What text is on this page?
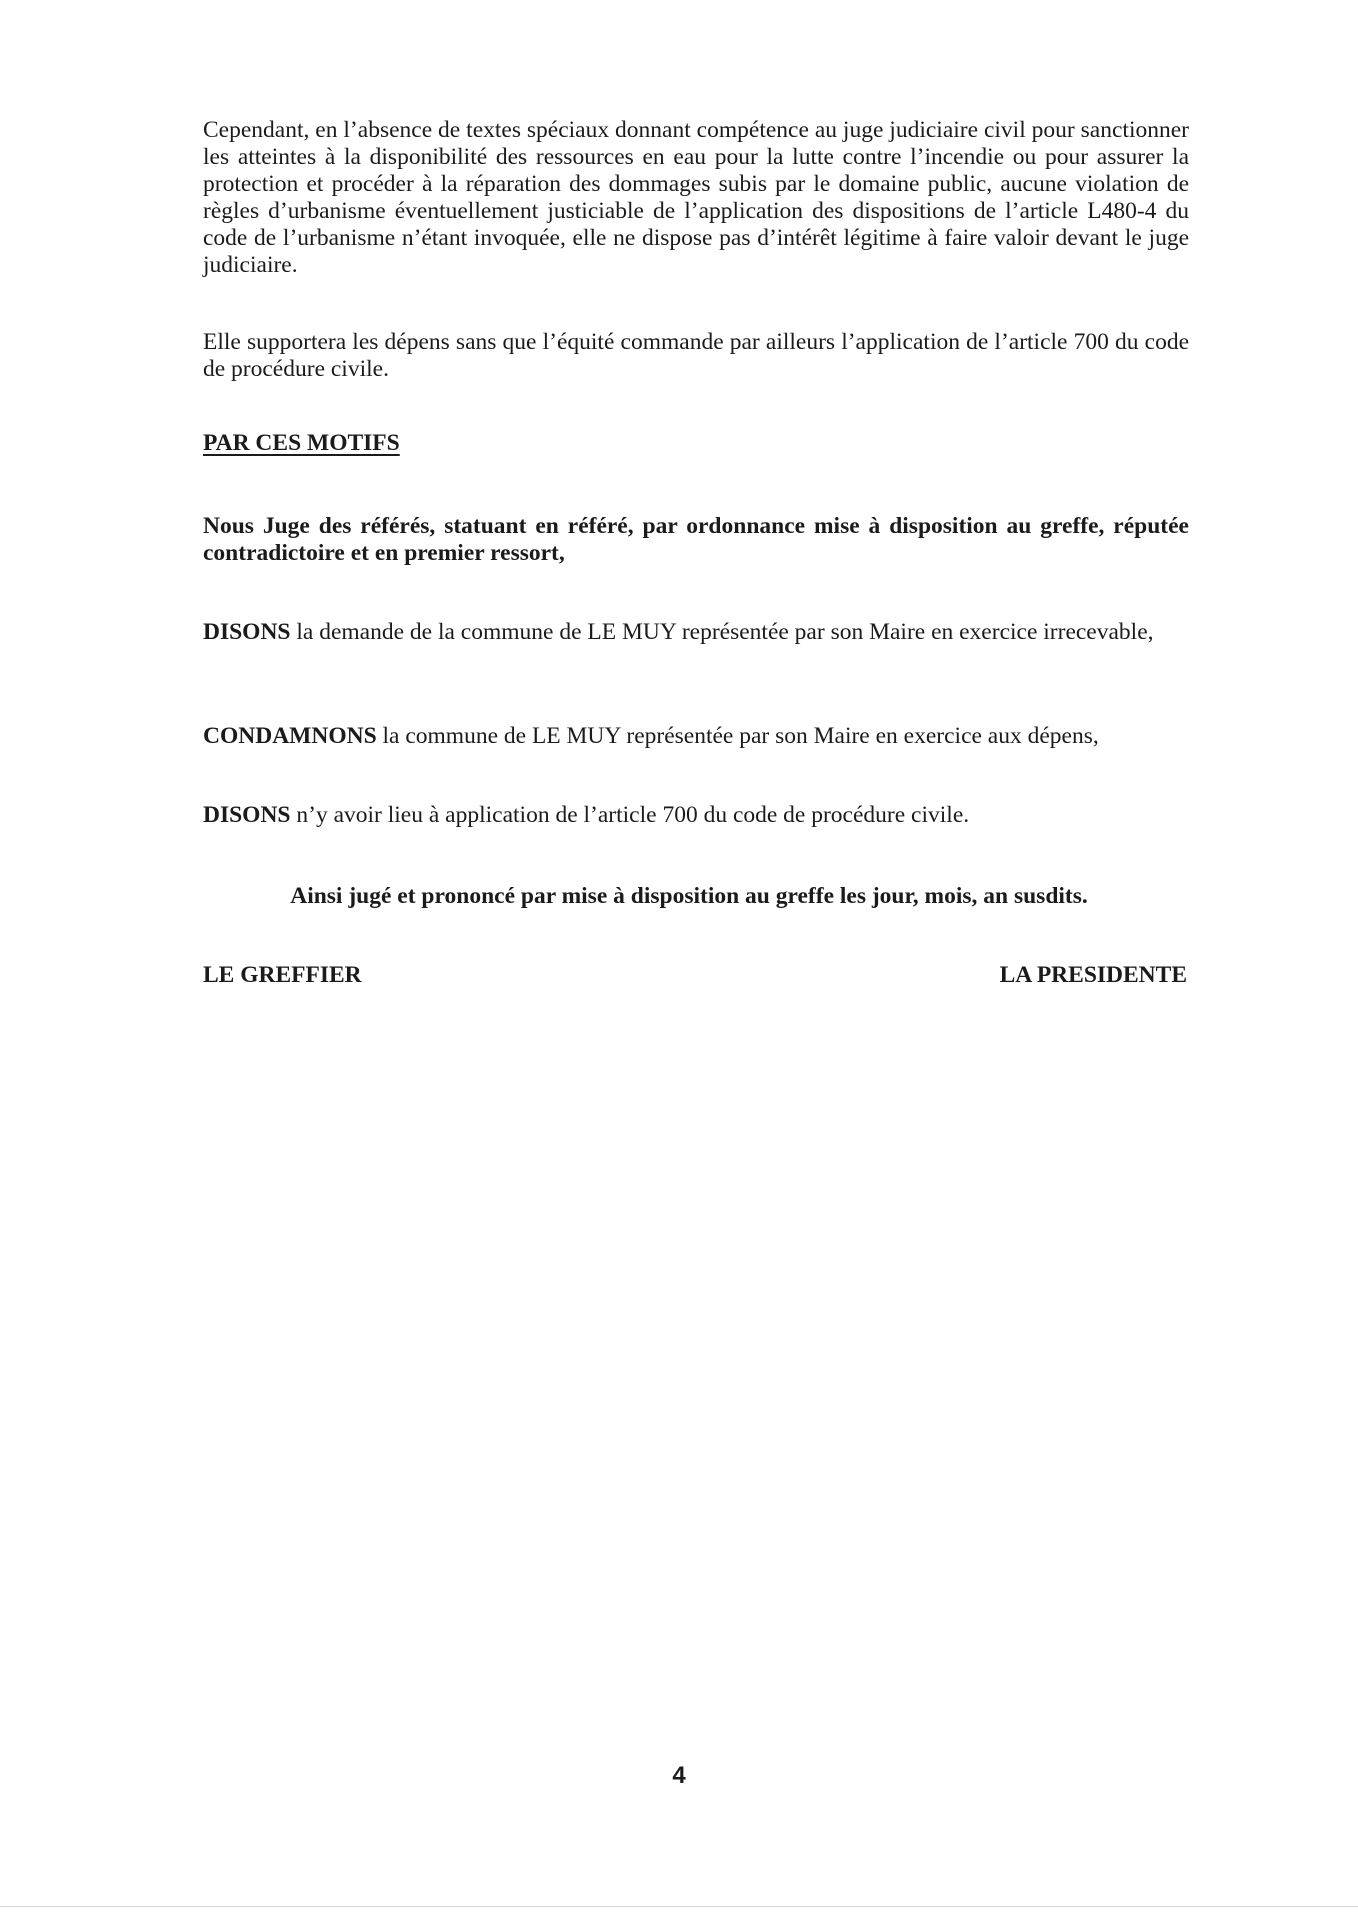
Cependant, en l’absence de textes spéciaux donnant compétence au juge judiciaire civil pour sanctionner les atteintes à la disponibilité des ressources en eau pour la lutte contre l’incendie ou pour assurer la protection et procéder à la réparation des dommages subis par le domaine public, aucune violation de règles d’urbanisme éventuellement justiciable de l’application des dispositions de l’article L480-4 du code de l’urbanisme n’étant invoquée, elle ne dispose pas d’intérêt légitime à faire valoir devant le juge judiciaire.

Elle supportera les dépens sans que l’équité commande par ailleurs l’application de l’article 700 du code de procédure civile.

PAR CES MOTIFS

Nous Juge des référés, statuant en référé, par ordonnance mise à disposition au greffe, réputée contradictoire et en premier ressort,

DISONS la demande de la commune de LE MUY représentée par son Maire en exercice irrecevable,

CONDAMNONS la commune de LE MUY représentée par son Maire en exercice aux dépens,

DISONS n’y avoir lieu à application de l’article 700 du code de procédure civile.

Ainsi jugé et prononcé par mise à disposition au greffe les jour, mois, an susdits.

LE GREFFIER	LA PRESIDENTE

4
